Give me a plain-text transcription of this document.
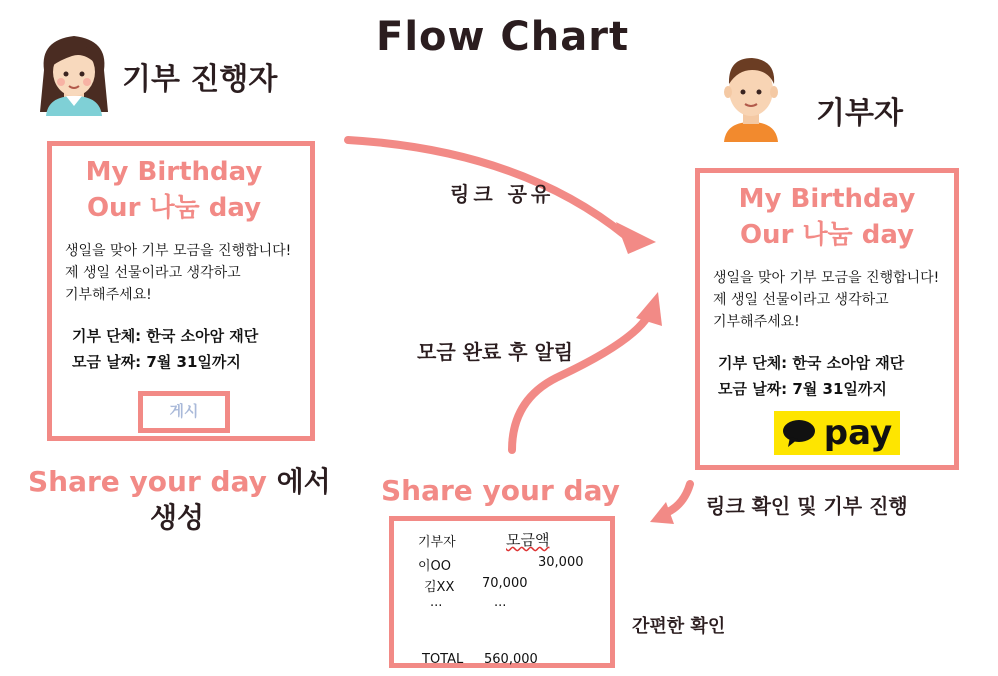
Flow Chart
기부 진행자
기부자
My Birthday
Our 나눔 day
생일을 맞아 기부 모금을 진행합니다!
제 생일 선물이라고 생각하고
기부해주세요!
기부 단체: 한국 소아암 재단
모금 날짜: 7월 31일까지
게시
My Birthday
Our 나눔 day
생일을 맞아 기부 모금을 진행합니다!
제 생일 선물이라고 생각하고
기부해주세요!
기부 단체: 한국 소아암 재단
모금 날짜: 7월 31일까지
pay
링크 공유
모금 완료 후 알림
링크 확인 및 기부 진행
간편한 확인
Share your day 에서
생성
Share your day
기부자	모금액
이OO	30,000
김XX 70,000
...	...
TOTAL 560,000
